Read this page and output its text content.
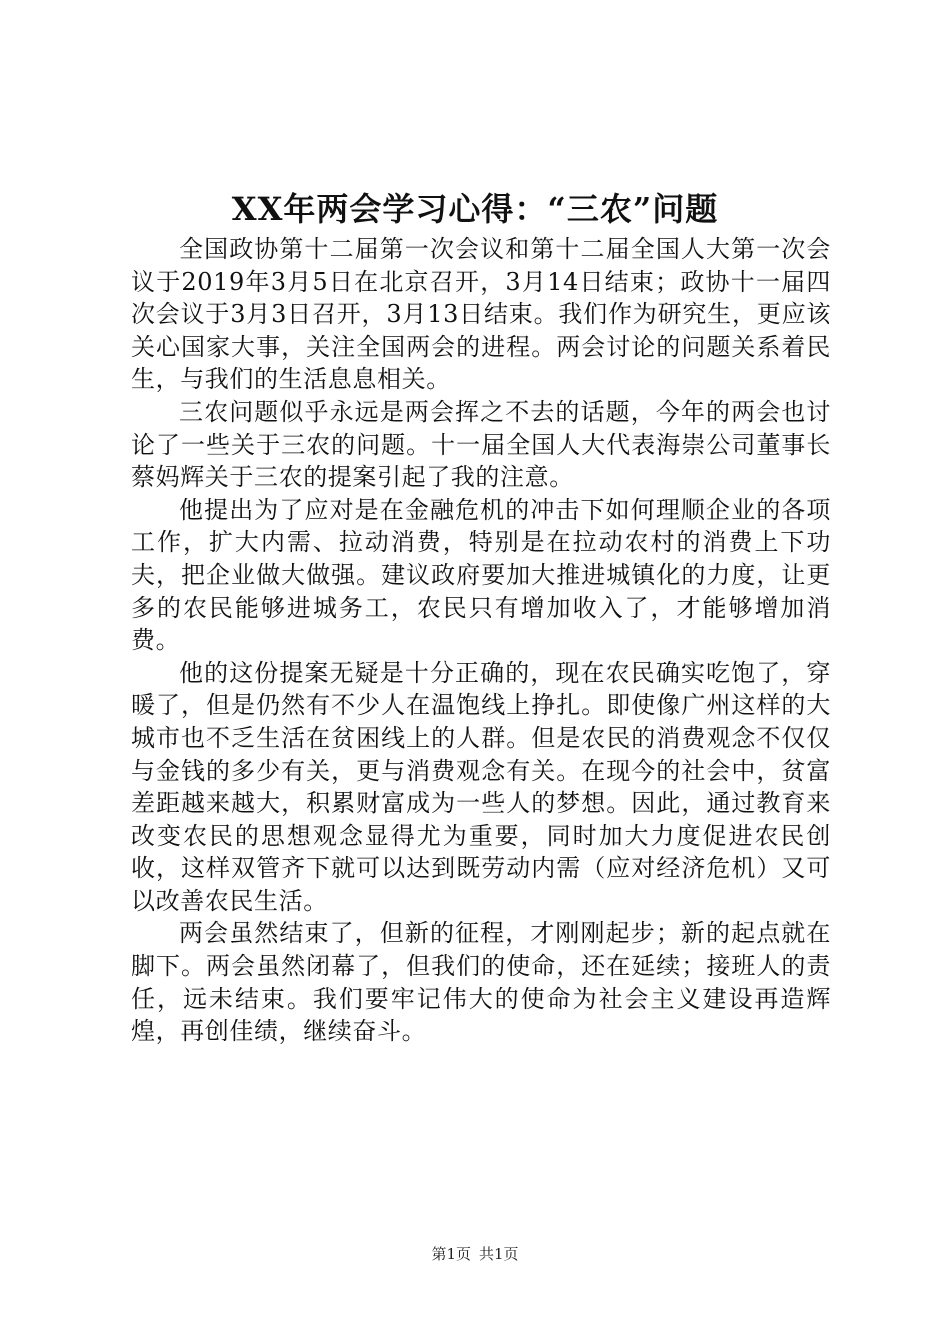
XX年两会学习心得：“三农”问题

全国政协第十二届第一次会议和第十二届全国人大第一次会议于2019年3月5日在北京召开，3月14日结束；政协十一届四次会议于3月3日召开，3月13日结束。我们作为研究生，更应该关心国家大事，关注全国两会的进程。两会讨论的问题关系着民生，与我们的生活息息相关。

三农问题似乎永远是两会挥之不去的话题，今年的两会也讨论了一些关于三农的问题。十一届全国人大代表海崇公司董事长蔡妈辉关于三农的提案引起了我的注意。

他提出为了应对是在金融危机的冲击下如何理顺企业的各项工作，扩大内需、拉动消费，特别是在拉动农村的消费上下功夫，把企业做大做强。建议政府要加大推进城镇化的力度，让更多的农民能够进城务工，农民只有增加收入了，才能够增加消费。

他的这份提案无疑是十分正确的，现在农民确实吃饱了，穿暖了，但是仍然有不少人在温饱线上挣扎。即使像广州这样的大城市也不乏生活在贫困线上的人群。但是农民的消费观念不仅仅与金钱的多少有关，更与消费观念有关。在现今的社会中，贫富差距越来越大，积累财富成为一些人的梦想。因此，通过教育来改变农民的思想观念显得尤为重要，同时加大力度促进农民创收，这样双管齐下就可以达到既劳动内需（应对经济危机）又可以改善农民生活。

两会虽然结束了，但新的征程，才刚刚起步；新的起点就在脚下。两会虽然闭幕了，但我们的使命，还在延续；接班人的责任，远未结束。我们要牢记伟大的使命为社会主义建设再造辉煌，再创佳绩，继续奋斗。

第1页 共1页
